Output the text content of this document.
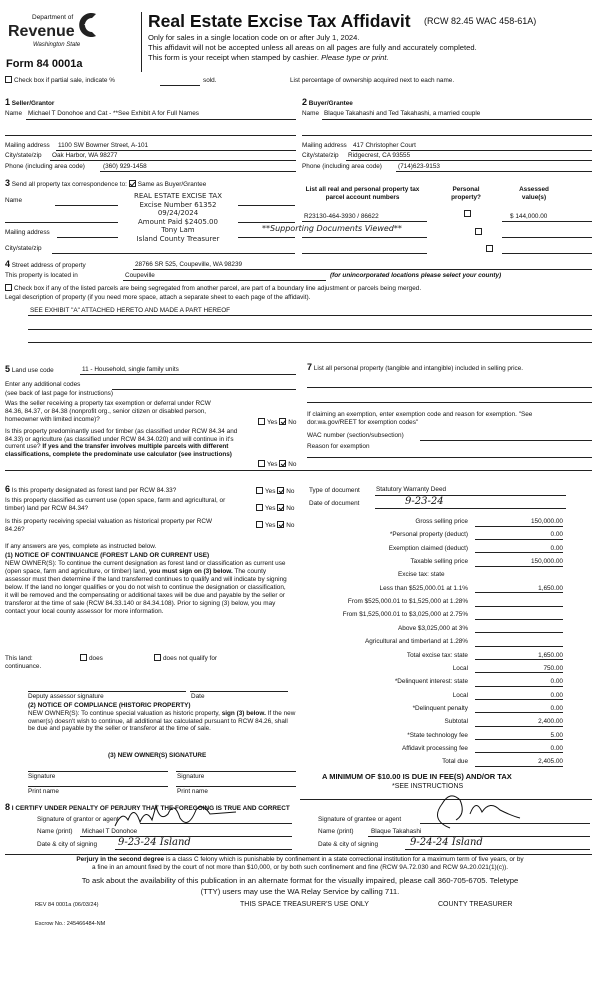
Department of
Revenue
Washington State
Form 84 0001a
Real Estate Excise Tax Affidavit (RCW 82.45 WAC 458-61A)
Only for sales in a single location code on or after July 1, 2024.
This affidavit will not be accepted unless all areas on all pages are fully and accurately completed.
This form is your receipt when stamped by cashier. Please type or print.
Check box if partial sale, indicate %	sold.	List percentage of ownership acquired next to each name.
1 Seller/Grantor
Name Michael T Donohoe and Cat - **See Exhibit A for Full Names
Mailing address 1100 SW Bowmer Street, A-101
City/state/zip Oak Harbor, WA 98277
Phone (including area code)	(360) 929-1458
2 Buyer/Grantee
Name Blaque Takahashi and Ted Takahashi, a married couple
Mailing address 417 Christopher Court
City/state/zip Ridgecrest, CA 93555
Phone (including area code)	(714)623-9153
3 Send all property tax correspondence to: Same as Buyer/Grantee
Name
Mailing address
City/state/zip
REAL ESTATE EXCISE TAX
Excise Number 61352
09/24/2024
Amount Paid $2405.00
Tony Lam
Island County Treasurer
**Supporting Documents Viewed**
List all real and personal property tax parcel account numbers
Personal property?
Assessed value(s)
R23130-464-3930 / 86622
	$ 144,000.00

4 Street address of property	28766 SR 525, Coupeville, WA 98239
This property is located in	Coupeville	(for unincorporated locations please select your county)
Check box if any of the listed parcels are being segregated from another parcel, are part of a boundary line adjustment or parcels being merged.
Legal description of property (if you need more space, attach a separate sheet to each page of the affidavit).
SEE EXHIBIT "A" ATTACHED HERETO AND MADE A PART HEREOF
5 Land use code	11 - Household, single family units
Enter any additional codes
(see back of last page for instructions)
Was the seller receiving a property tax exemption or deferral under RCW 84.36, 84.37, or 84.38 (nonprofit org., senior citizen or disabled person, homeowner with limited income)?	Yes No
Is this property predominantly used for timber (as classified under RCW 84.34 and 84.33) or agriculture (as classified under RCW 84.34.020) and will continue in it's current use? If yes and the transfer involves multiple parcels with different classifications, complete the predominate use calculator (see instructions)
Yes No
7 List all personal property (tangible and intangible) included in selling price.
If claiming an exemption, enter exemption code and reason for exemption. "See dor.wa.gov/REET for exemption codes"
WAC number (section/subsection)
Reason for exemption
6 Is this property designated as forest land per RCW 84.33?
Is this property classified as current use (open space, farm and agricultural, or timber) land per RCW 84.34?
Is this property receiving special valuation as historical property per RCW 84.26?
Yes No
Yes No
Yes No
If any answers are yes, complete as instructed below.
(1) NOTICE OF CONTINUANCE (FOREST LAND OR CURRENT USE)
NEW OWNER(S): To continue the current designation as forest land or classification as current use (open space, farm and agriculture, or timber) land, you must sign on (3) below. The county assessor must then determine if the land transferred continues to qualify and will indicate by signing below. If the land no longer qualifies or you do not wish to continue the designation or classification, it will be removed and the compensating or additional taxes will be due and payable by the seller or transferor at the time of sale (RCW 84.33.140 or 84.34.108). Prior to signing (3) below, you may contact your local county assessor for more information.
This land:	does	does not qualify for
continuance.
Deputy assessor signature	Date
(2) NOTICE OF COMPLIANCE (HISTORIC PROPERTY)
NEW OWNER(S): To continue special valuation as historic property, sign (3) below. If the new owner(s) doesn't wish to continue, all additional tax calculated pursuant to RCW 84.26, shall be due and payable by the seller or transferor at the time of sale.
(3) NEW OWNER(S) SIGNATURE
Signature	Signature
Print name	Print name
Type of document	Statutory Warranty Deed
Date of document	9-23-24
Gross selling price	150,000.00
*Personal property (deduct)	0.00
Exemption claimed (deduct)	0.00
Taxable selling price	150,000.00
Excise tax: state
Less than $525,000.01 at 1.1%	1,650.00
From $525,000.01 to $1,525,000 at 1.28%
From $1,525,000.01 to $3,025,000 at 2.75%
Above $3,025,000 at 3%
Agricultural and timberland at 1.28%
Total excise tax: state	1,650.00
Local	750.00
*Delinquent interest: state	0.00
Local	0.00
*Delinquent penalty	0.00
Subtotal	2,400.00
*State technology fee	5.00
Affidavit processing fee	0.00
Total due	2,405.00
A MINIMUM OF $10.00 IS DUE IN FEE(S) AND/OR TAX
*SEE INSTRUCTIONS
8 I CERTIFY UNDER PENALTY OF PERJURY THAT THE FOREGOING IS TRUE AND CORRECT
Signature of grantor or agent
Name (print) Michael T Donohoe
Date & city of signing 9-23-24 Island
Signature of grantee or agent
Name (print)	Blaque Takahashi
Date & city of signing	9-24-24 Island
Perjury in the second degree is a class C felony which is punishable by confinement in a state correctional institution for a maximum term of five years, or by
a fine in an amount fixed by the court of not more than $10,000, or by both such confinement and fine (RCW 9A.72.030 and RCW 9A.20.021(1)(c)).
To ask about the availability of this publication in an alternate format for the visually impaired, please call 360-705-6705. Teletype
(TTY) users may use the WA Relay Service by calling 711.
REV 84 0001a (06/03/24)	THIS SPACE TREASURER'S USE ONLY	COUNTY TREASURER
Escrow No.: 245466484-NM
